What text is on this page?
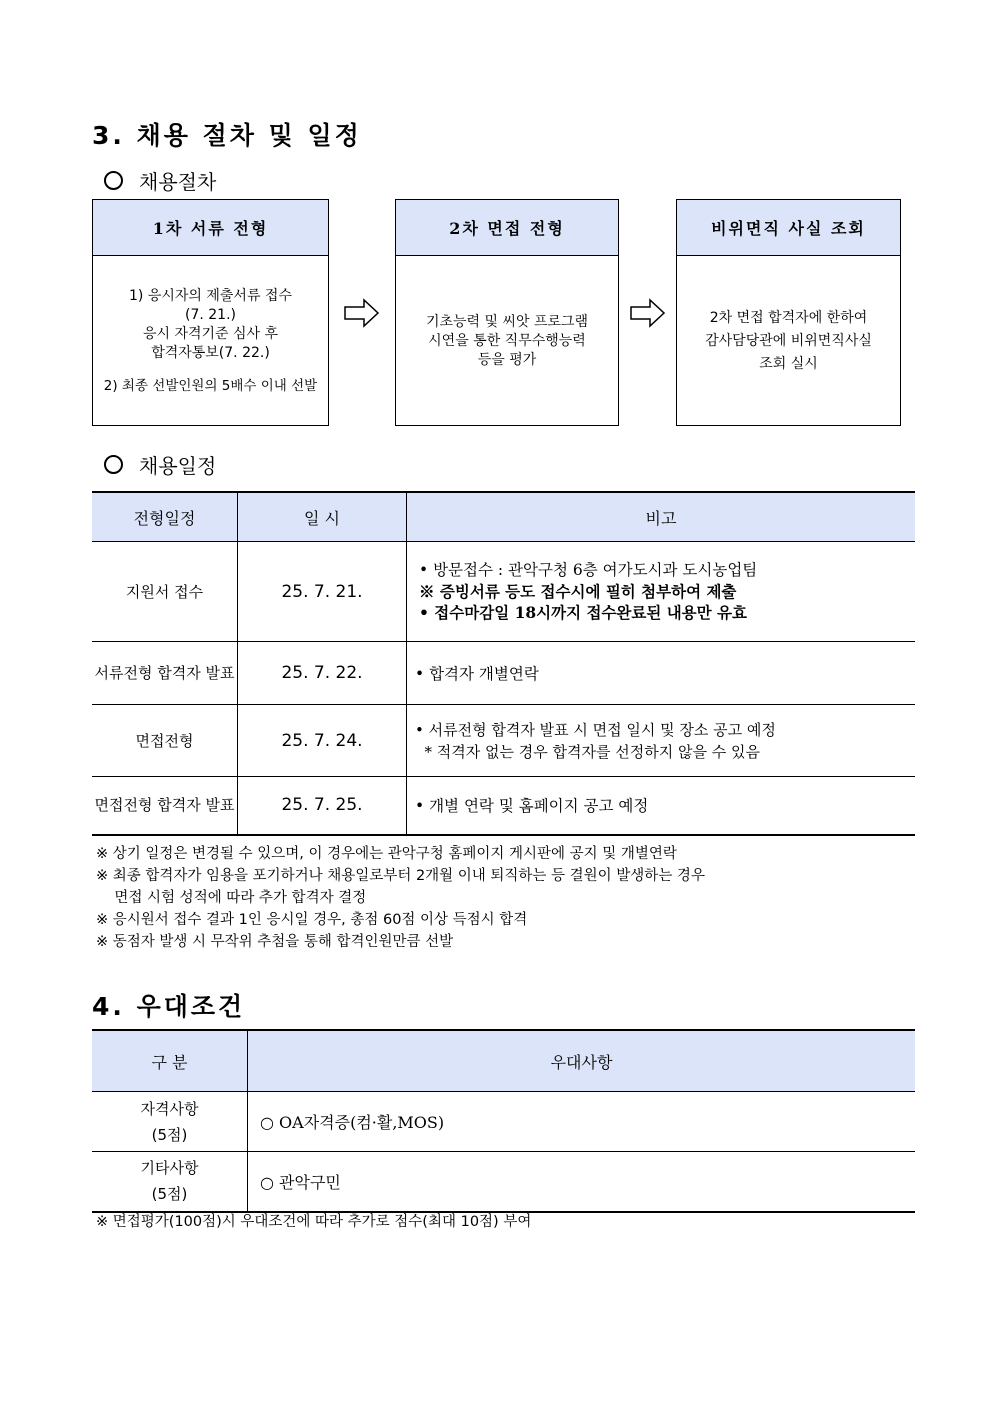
3. 채용 절차 및 일정
채용절차
1차 서류 전형
1) 응시자의 제출서류 접수
(7. 21.)
응시 자격기준 심사 후
합격자통보(7. 22.)
2) 최종 선발인원의 5배수 이내 선발
2차 면접 전형
기초능력 및 씨앗 프로그램
시연을 통한 직무수행능력
등을 평가
비위면직 사실 조회
2차 면접 합격자에 한하여
감사담당관에 비위면직사실
조회 실시
채용일정
전형일정	일 시	비고
지원서 접수	25. 7. 21.	• 방문접수 : 관악구청 6층 여가도시과 도시농업팀
※ 증빙서류 등도 접수시에 필히 첨부하여 제출
• 접수마감일 18시까지 접수완료된 내용만 유효

서류전형 합격자 발표	25. 7. 22.	• 합격자 개별연락

면접전형	25. 7. 24.	• 서류전형 합격자 발표 시 면접 일시 및 장소 공고 예정
* 적격자 없는 경우 합격자를 선정하지 않을 수 있음

면접전형 합격자 발표	25. 7. 25.	• 개별 연락 및 홈페이지 공고 예정
※ 상기 일정은 변경될 수 있으며, 이 경우에는 관악구청 홈페이지 게시판에 공지 및 개별연락
※ 최종 합격자가 임용을 포기하거나 채용일로부터 2개월 이내 퇴직하는 등 결원이 발생하는 경우
면접 시험 성적에 따라 추가 합격자 결정
※ 응시원서 접수 결과 1인 응시일 경우, 총점 60점 이상 득점시 합격
※ 동점자 발생 시 무작위 추첨을 통해 합격인원만큼 선발
4. 우대조건
구 분	우대사항

자격사항
(5점)	○ OA자격증(컴·활,MOS)

기타사항
(5점)	○ 관악구민
※ 면접평가(100점)시 우대조건에 따라 추가로 점수(최대 10점) 부여
